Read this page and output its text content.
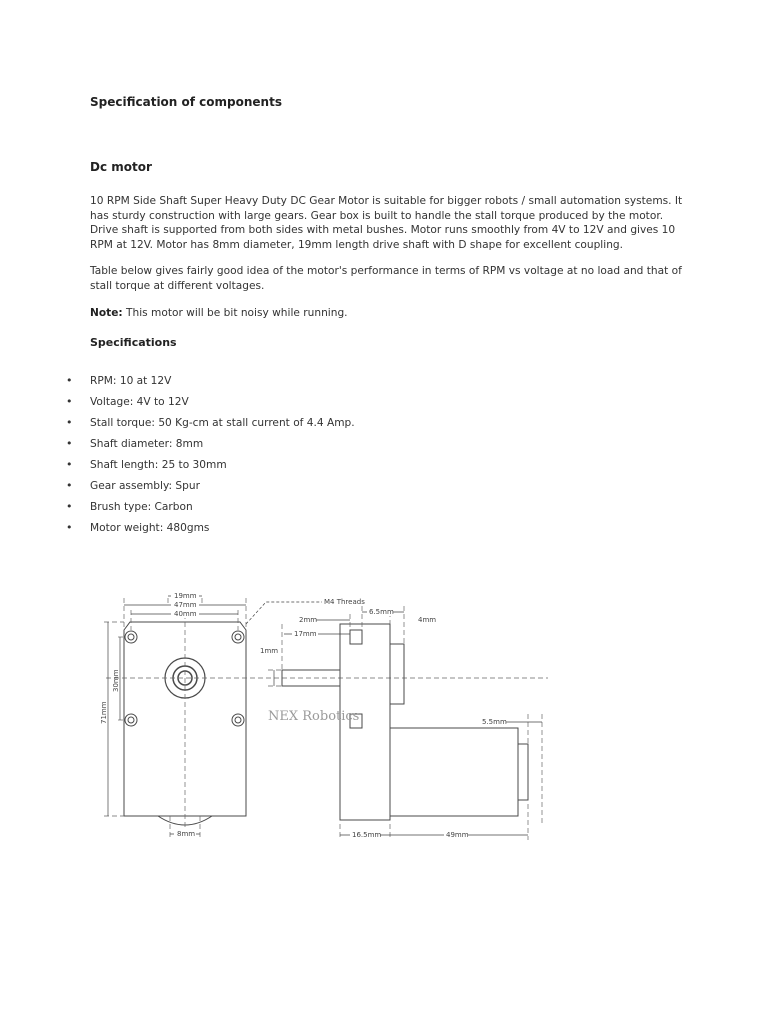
Specification of components
Dc motor

10 RPM Side Shaft Super Heavy Duty DC Gear Motor is suitable for bigger robots / small automation systems. It has sturdy construction with large gears. Gear box is built to handle the stall torque produced by the motor. Drive shaft is supported from both sides with metal bushes. Motor runs smoothly from 4V to 12V and gives 10 RPM at 12V. Motor has 8mm diameter, 19mm length drive shaft with D shape for excellent coupling.

Table below gives fairly good idea of the motor's performance in terms of RPM vs voltage at no load and that of stall torque at different voltages.

Note: This motor will be bit noisy while running.
Specifications
• RPM: 10 at 12V
• Voltage: 4V to 12V
• Stall torque: 50 Kg-cm at stall current of 4.4 Amp.
• Shaft diameter: 8mm
• Shaft length: 25 to 30mm
• Gear assembly: Spur
• Brush type: Carbon
• Motor weight: 480gms
19mm
47mm
40mm
8mm
71mm
30mm
M4 Threads
6.5mm
4mm
2mm
17mm
1mm
5.5mm
16.5mm	49mm
NEX Robotics
